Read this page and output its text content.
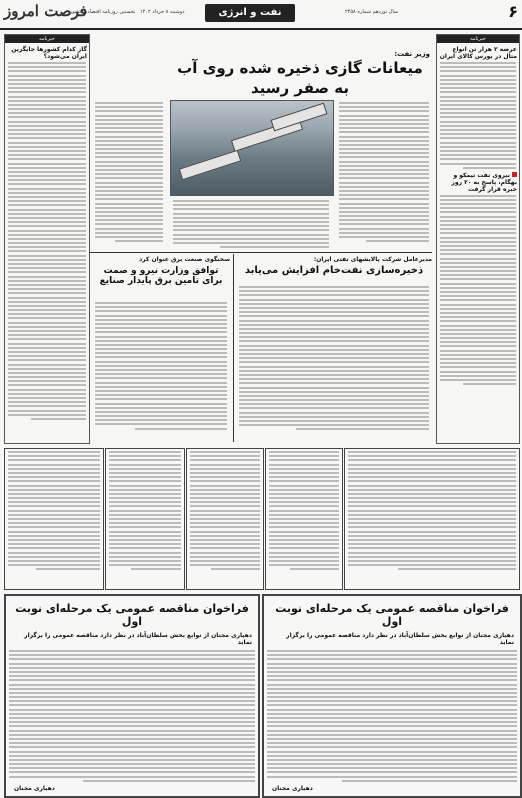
فرصت امروز
نخستین روزنامه اقتصادی کشور دوشنبه ۸ خرداد ۱۴۰۲	نفت و انرژی	سال نوزدهم شماره ۲۴۵۸	۶
خبرنامه
گاز کدام کشورها جایگزین ایران می‌شود؟
خبرنامه
عرضه ۲ هزار تن انواع متال در بورس کالای ایران
نیروی نفت تیمکو و بهگام، پاسخ به ۲۰ روز خبره قرار گرفت
وزیر نفت:
میعانات گازی ذخیره شده روی آب
به صفر رسید
مدیرعامل شرکت پالایشهای نفتی ایران:
ذخیره‌سازی نفت‌خام افزایش می‌یابد
سخنگوی صنعت برق عنوان کرد
توافق وزارت نیرو و صمت
برای تامین برق پایدار صنایع
فراخوان مناقصه عمومی یک مرحله‌ای نوبت اول
دهیاری مجنان از توابع بخش سلطان‌آباد در نظر دارد مناقصه عمومی را برگزار نماید
دهیاری مجنان
فراخوان مناقصه عمومی یک مرحله‌ای نوبت اول
دهیاری مجنان از توابع بخش سلطان‌آباد در نظر دارد مناقصه عمومی را برگزار نماید
دهیاری مجنان
